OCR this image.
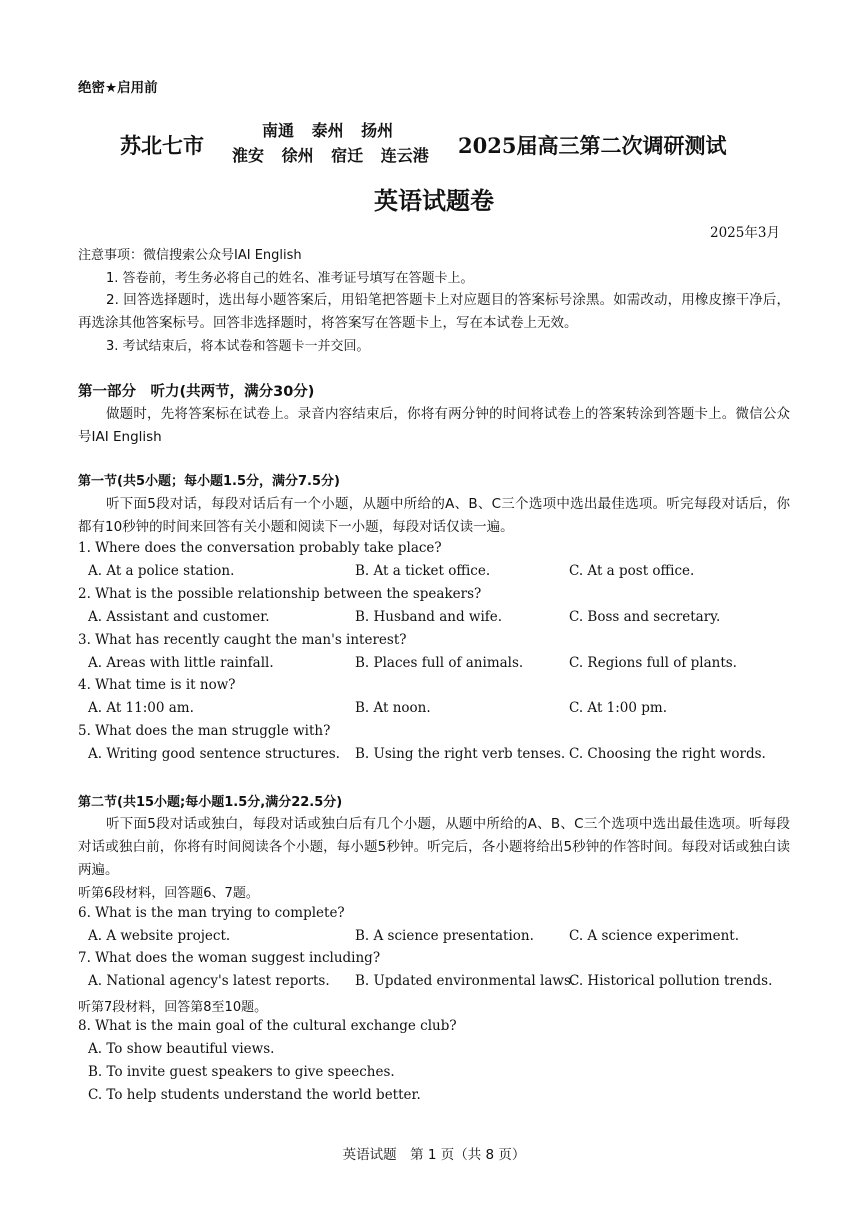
绝密★启用前
苏北七市
南通 泰州 扬州
淮安 徐州 宿迁 连云港 2025届高三第二次调研测试
英语试题卷
2025年3月
注意事项：微信搜索公众号IAI English
1. 答卷前，考生务必将自己的姓名、准考证号填写在答题卡上。
2. 回答选择题时，选出每小题答案后，用铅笔把答题卡上对应题目的答案标号涂黑。如需改动，用橡皮擦干净后，再选涂其他答案标号。回答非选择题时，将答案写在答题卡上，写在本试卷上无效。
3. 考试结束后，将本试卷和答题卡一并交回。
第一部分　听力(共两节，满分30分)
做题时，先将答案标在试卷上。录音内容结束后，你将有两分钟的时间将试卷上的答案转涂到答题卡上。微信公众号IAI English
第一节(共5小题；每小题1.5分，满分7.5分)
听下面5段对话，每段对话后有一个小题，从题中所给的A、B、C三个选项中选出最佳选项。听完每段对话后，你都有10秒钟的时间来回答有关小题和阅读下一小题，每段对话仅读一遍。
1. Where does the conversation probably take place?
A. At a police station.	B. At a ticket office.	C. At a post office.
2. What is the possible relationship between the speakers?
A. Assistant and customer.	B. Husband and wife.	C. Boss and secretary.
3. What has recently caught the man's interest?
A. Areas with little rainfall.	B. Places full of animals.	C. Regions full of plants.
4. What time is it now?
A. At 11:00 am.	B. At noon.	C. At 1:00 pm.
5. What does the man struggle with?
A. Writing good sentence structures. B. Using the right verb tenses. C. Choosing the right words.
第二节(共15小题;每小题1.5分,满分22.5分)
听下面5段对话或独白，每段对话或独白后有几个小题，从题中所给的A、B、C三个选项中选出最佳选项。听每段对话或独白前，你将有时间阅读各个小题，每小题5秒钟。听完后，各小题将给出5秒钟的作答时间。每段对话或独白读两遍。
听第6段材料，回答题6、7题。
6. What is the man trying to complete?
A. A website project.	B. A science presentation.	C. A science experiment.
7. What does the woman suggest including?
A. National agency's latest reports. B. Updated environmental laws.
C. Historical pollution trends.
听第7段材料，回答第8至10题。
8. What is the main goal of the cultural exchange club?
A. To show beautiful views.
B. To invite guest speakers to give speeches.
C. To help students understand the world better.
英语试题　第 1 页（共 8 页）
